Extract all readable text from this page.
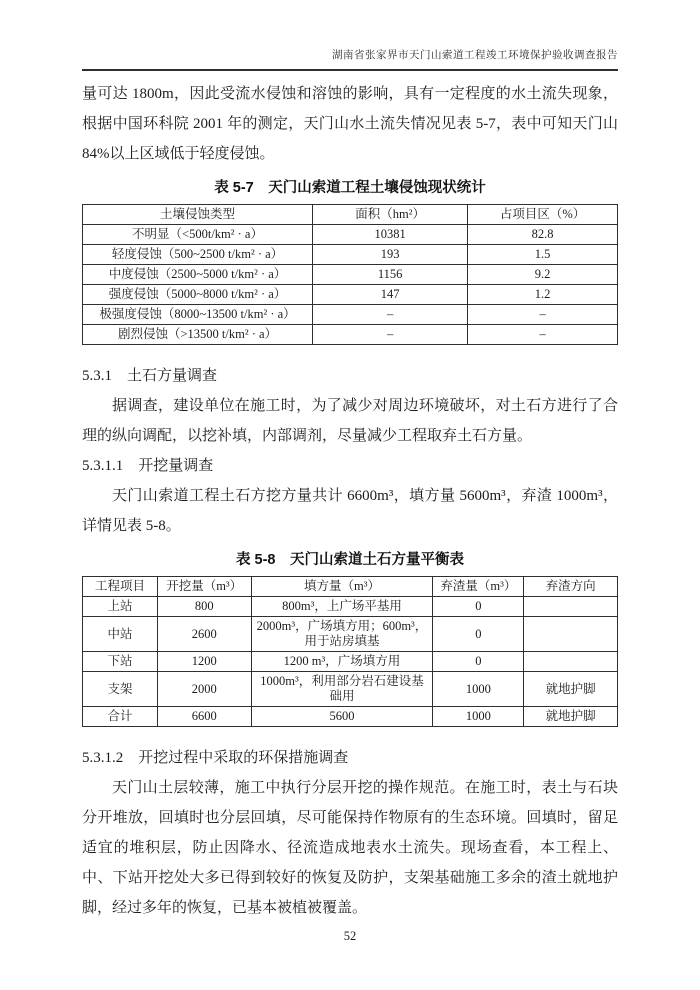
湖南省张家界市天门山索道工程竣工环境保护验收调查报告

量可达 1800m，因此受流水侵蚀和溶蚀的影响，具有一定程度的水土流失现象，根据中国环科院 2001 年的测定，天门山水土流失情况见表 5-7，表中可知天门山 84%以上区域低于轻度侵蚀。

表 5-7　天门山索道工程土壤侵蚀现状统计
土壤侵蚀类型	面积（hm²）	占项目区（%）
不明显（<500t/km² · a）	10381	82.8
轻度侵蚀（500~2500 t/km² · a）	193	1.5
中度侵蚀（2500~5000 t/km² · a）	1156	9.2
强度侵蚀（5000~8000 t/km² · a）	147	1.2
极强度侵蚀（8000~13500 t/km² · a）	–	–
剧烈侵蚀（>13500 t/km² · a）	–	–
5.3.1　土石方量调查

据调查，建设单位在施工时，为了减少对周边环境破坏，对土石方进行了合理的纵向调配，以挖补填，内部调剂，尽量减少工程取弃土石方量。

5.3.1.1　开挖量调查

天门山索道工程土石方挖方量共计 6600m³，填方量 5600m³，弃渣 1000m³，详情见表 5-8。

表 5-8　天门山索道土石方量平衡表
工程项目	开挖量（m³）	填方量（m³）	弃渣量（m³）	弃渣方向
上站	800	800m³，上广场平基用	0	
中站	2600	2000m³，广场填方用；600m³，用于站房填基	0	
下站	1200	1200 m³，广场填方用	0	
支架	2000	1000m³，利用部分岩石建设基础用	1000	就地护脚
合计	6600	5600	1000	就地护脚
5.3.1.2　开挖过程中采取的环保措施调查

天门山土层较薄，施工中执行分层开挖的操作规范。在施工时，表土与石块分开堆放，回填时也分层回填，尽可能保持作物原有的生态环境。回填时，留足适宜的堆积层，防止因降水、径流造成地表水土流失。现场查看，本工程上、中、下站开挖处大多已得到较好的恢复及防护，支架基础施工多余的渣土就地护脚，经过多年的恢复，已基本被植被覆盖。

52
